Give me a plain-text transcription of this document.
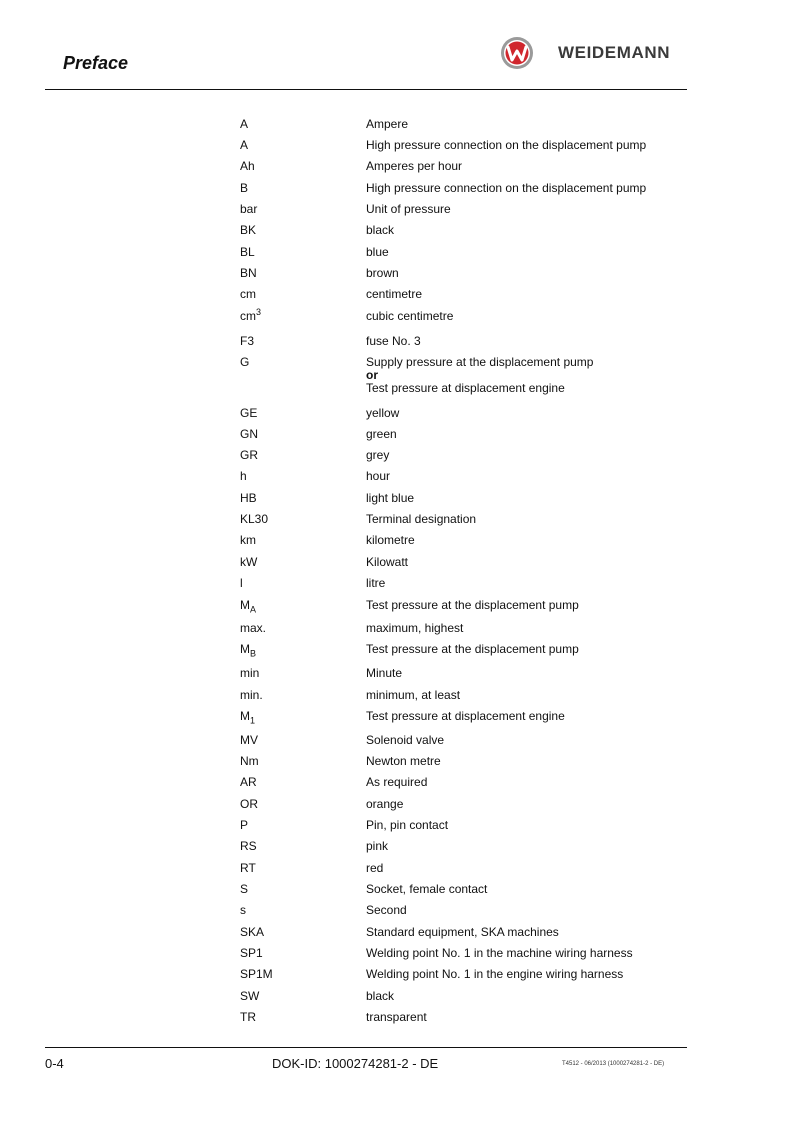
Preface
WEIDEMANN
A	Ampere
A	High pressure connection on the displacement pump
Ah	Amperes per hour
B	High pressure connection on the displacement pump
bar	Unit of pressure
BK	black
BL	blue
BN	brown
cm	centimetre
$cm^3$	cubic centimetre
F3	fuse No. 3
G	Supply pressure at the displacement pump
or
Test pressure at displacement engine
GE	yellow
GN	green
GR	grey
h	hour
HB	light blue
KL30	Terminal designation
km	kilometre
kW	Kilowatt
l	litre
$M_A$	Test pressure at the displacement pump
max.	maximum, highest
$M_B$	Test pressure at the displacement pump
min	Minute
min.	minimum, at least
$M_1$	Test pressure at displacement engine
MV	Solenoid valve
Nm	Newton metre
AR	As required
OR	orange
P	Pin, pin contact
RS	pink
RT	red
S	Socket, female contact
s	Second
SKA	Standard equipment, SKA machines
SP1	Welding point No. 1 in the machine wiring harness
SP1M	Welding point No. 1 in the engine wiring harness
SW	black
TR	transparent
0-4	DOK-ID: 1000274281-2 - DE	T4512 - 06/2013 (1000274281-2 - DE)
